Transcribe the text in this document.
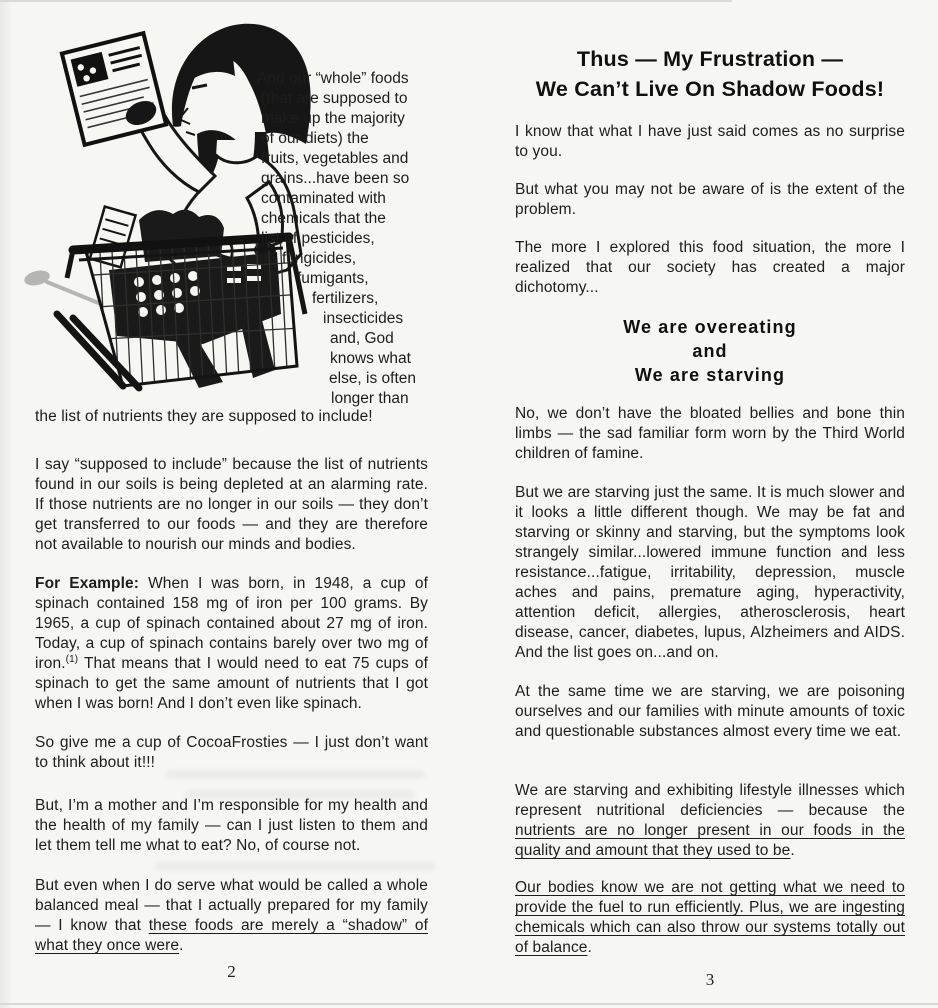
And our “whole” foods
(that are supposed to
make up the majority
of our diets) the
fruits, vegetables and
grains...have been so
contaminated with
chemicals that the
list of pesticides,
fungicides,
fumigants,
fertilizers,
insecticides
and, God
knows what
else, is often
longer than

the list of nutrients they are supposed to include!

I say “supposed to include” because the list of nutrients found in our soils is being depleted at an alarming rate. If those nutrients are no longer in our soils — they don’t get transferred to our foods — and they are therefore not available to nourish our minds and bodies.

For Example: When I was born, in 1948, a cup of spinach contained 158 mg of iron per 100 grams. By 1965, a cup of spinach contained about 27 mg of iron. Today, a cup of spinach contains barely over two mg of iron.$^{(1)}$ That means that I would need to eat 75 cups of spinach to get the same amount of nutrients that I got when I was born! And I don’t even like spinach.

So give me a cup of CocoaFrosties — I just don’t want to think about it!!!

But, I’m a mother and I’m responsible for my health and the health of my family — can I just listen to them and let them tell me what to eat? No, of course not.

But even when I do serve what would be called a whole balanced meal — that I actually prepared for my family — I know that these foods are merely a “shadow” of what they once were.

2
Thus — My Frustration —
We Can’t Live On Shadow Foods!

I know that what I have just said comes as no surprise to you.

But what you may not be aware of is the extent of the problem.

The more I explored this food situation, the more I realized that our society has created a major dichotomy...

We are overeating
and
We are starving

No, we don’t have the bloated bellies and bone thin limbs — the sad familiar form worn by the Third World children of famine.

But we are starving just the same. It is much slower and it looks a little different though. We may be fat and starving or skinny and starving, but the symptoms look strangely similar...lowered immune function and less resistance...fatigue, irritability, depression, muscle aches and pains, premature aging, hyperactivity, attention deficit, allergies, atherosclerosis, heart disease, cancer, diabetes, lupus, Alzheimers and AIDS. And the list goes on...and on.

At the same time we are starving, we are poisoning ourselves and our families with minute amounts of toxic and questionable substances almost every time we eat.

We are starving and exhibiting lifestyle illnesses which represent nutritional deficiencies — because the nutrients are no longer present in our foods in the quality and amount that they used to be.

Our bodies know we are not getting what we need to provide the fuel to run efficiently. Plus, we are ingesting chemicals which can also throw our systems totally out of balance.

3
